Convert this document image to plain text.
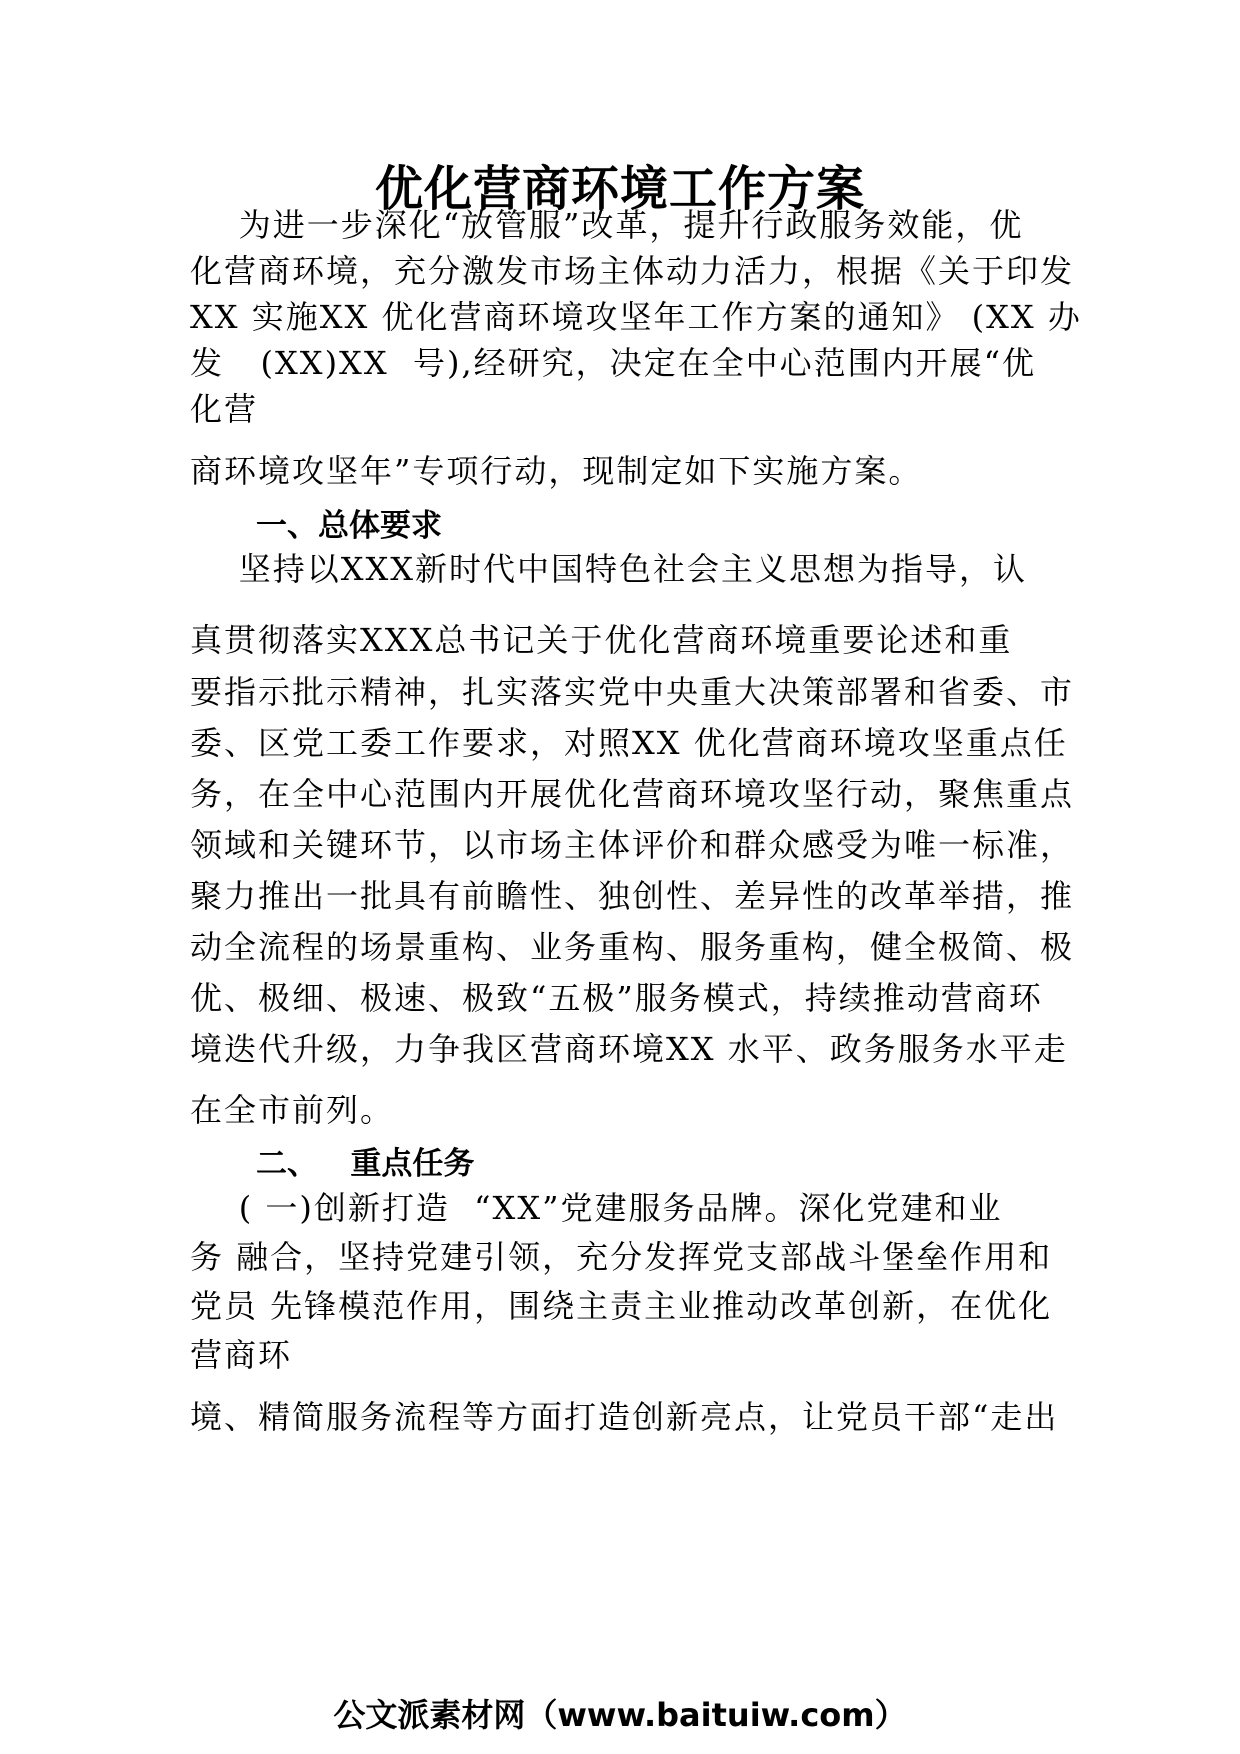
优化营商环境工作方案
为进一步深化“放管服”改革，提升行政服务效能，优
化营商环境，充分激发市场主体动力活力，根据《关于印发
XX 实施XX 优化营商环境攻坚年工作方案的通知》 (XX 办
发   (XX)XX  号),经研究，决定在全中心范围内开展“优
化营
商环境攻坚年”专项行动，现制定如下实施方案。
一、总体要求
坚持以XXX新时代中国特色社会主义思想为指导，认
真贯彻落实XXX总书记关于优化营商环境重要论述和重
要指示批示精神，扎实落实党中央重大决策部署和省委、市
委、区党工委工作要求，对照XX 优化营商环境攻坚重点任
务，在全中心范围内开展优化营商环境攻坚行动，聚焦重点
领域和关键环节，以市场主体评价和群众感受为唯一标准，
聚力推出一批具有前瞻性、独创性、差异性的改革举措，推
动全流程的场景重构、业务重构、服务重构，健全极简、极
优、极细、极速、极致“五极”服务模式，持续推动营商环
境迭代升级，力争我区营商环境XX 水平、政务服务水平走
在全市前列。
二、   重点任务
( 一)创新打造  “XX”党建服务品牌。深化党建和业
务 融合，坚持党建引领，充分发挥党支部战斗堡垒作用和
党员 先锋模范作用，围绕主责主业推动改革创新，在优化
营商环
境、精简服务流程等方面打造创新亮点，让党员干部“走出
公文派素材网（www.baituiw.com）
